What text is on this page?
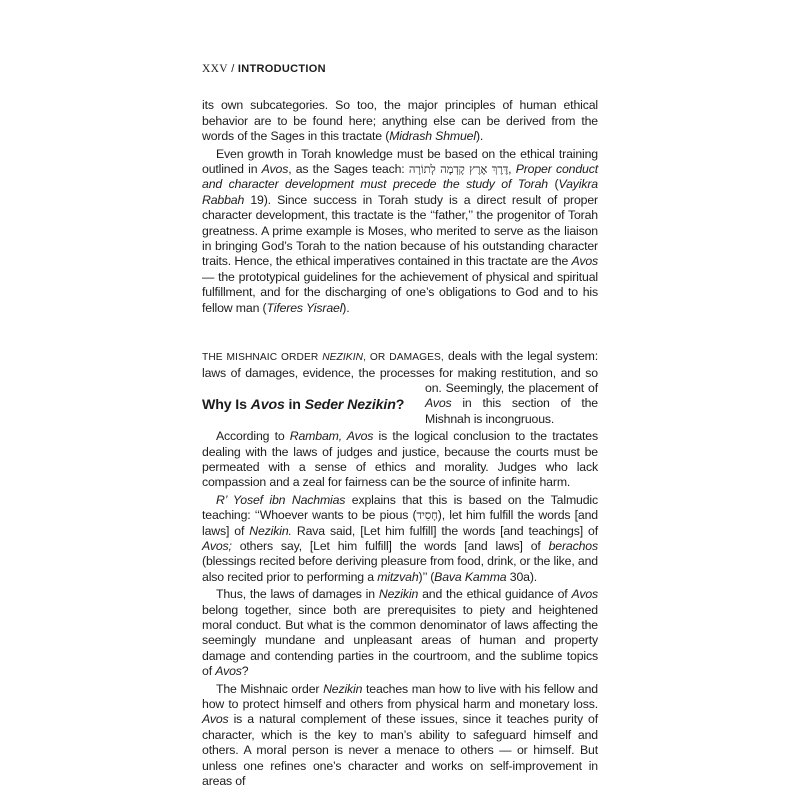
XXV / INTRODUCTION

its own subcategories. So too, the major principles of human ethical behavior are to be found here; anything else can be derived from the words of the Sages in this tractate (Midrash Shmuel).

Even growth in Torah knowledge must be based on the ethical training outlined in Avos, as the Sages teach: דֶּרֶךְ אֶרֶץ קָדְמָה לְתוֹרָה, Proper conduct and character development must precede the study of Torah (Vayikra Rabbah 19). Since success in Torah study is a direct result of proper character development, this tractate is the ‘‘father,’’ the progenitor of Torah greatness. A prime example is Moses, who merited to serve as the liaison in bringing God’s Torah to the nation because of his outstanding character traits. Hence, the ethical imperatives contained in this tractate are the Avos — the prototypical guidelines for the achievement of physical and spiritual fulfillment, and for the discharging of one’s obligations to God and to his fellow man (Tiferes Yisrael).

THE MISHNAIC ORDER NEZIKIN, OR DAMAGES, deals with the legal system: laws of damages, evidence, the processes for making restitution, and so on. Seemingly, the placement of
Why Is Avos in Seder Nezikin?	Avos in this section of the Mishnah is incongruous.

According to Rambam, Avos is the logical conclusion to the tractates dealing with the laws of judges and justice, because the courts must be permeated with a sense of ethics and morality. Judges who lack compassion and a zeal for fairness can be the source of infinite harm.

R’ Yosef ibn Nachmias explains that this is based on the Talmudic teaching: ‘‘Whoever wants to be pious (חָסִיד), let him fulfill the words [and laws] of Nezikin. Rava said, [Let him fulfill] the words [and teachings] of Avos; others say, [Let him fulfill] the words [and laws] of berachos (blessings recited before deriving pleasure from food, drink, or the like, and also recited prior to performing a mitzvah)’’ (Bava Kamma 30a).

Thus, the laws of damages in Nezikin and the ethical guidance of Avos belong together, since both are prerequisites to piety and heightened moral conduct. But what is the common denominator of laws affecting the seemingly mundane and unpleasant areas of human and property damage and contending parties in the courtroom, and the sublime topics of Avos?

The Mishnaic order Nezikin teaches man how to live with his fellow and how to protect himself and others from physical harm and monetary loss. Avos is a natural complement of these issues, since it teaches purity of character, which is the key to man’s ability to safeguard himself and others. A moral person is never a menace to others — or himself. But unless one refines one’s character and works on self-improvement in areas of
